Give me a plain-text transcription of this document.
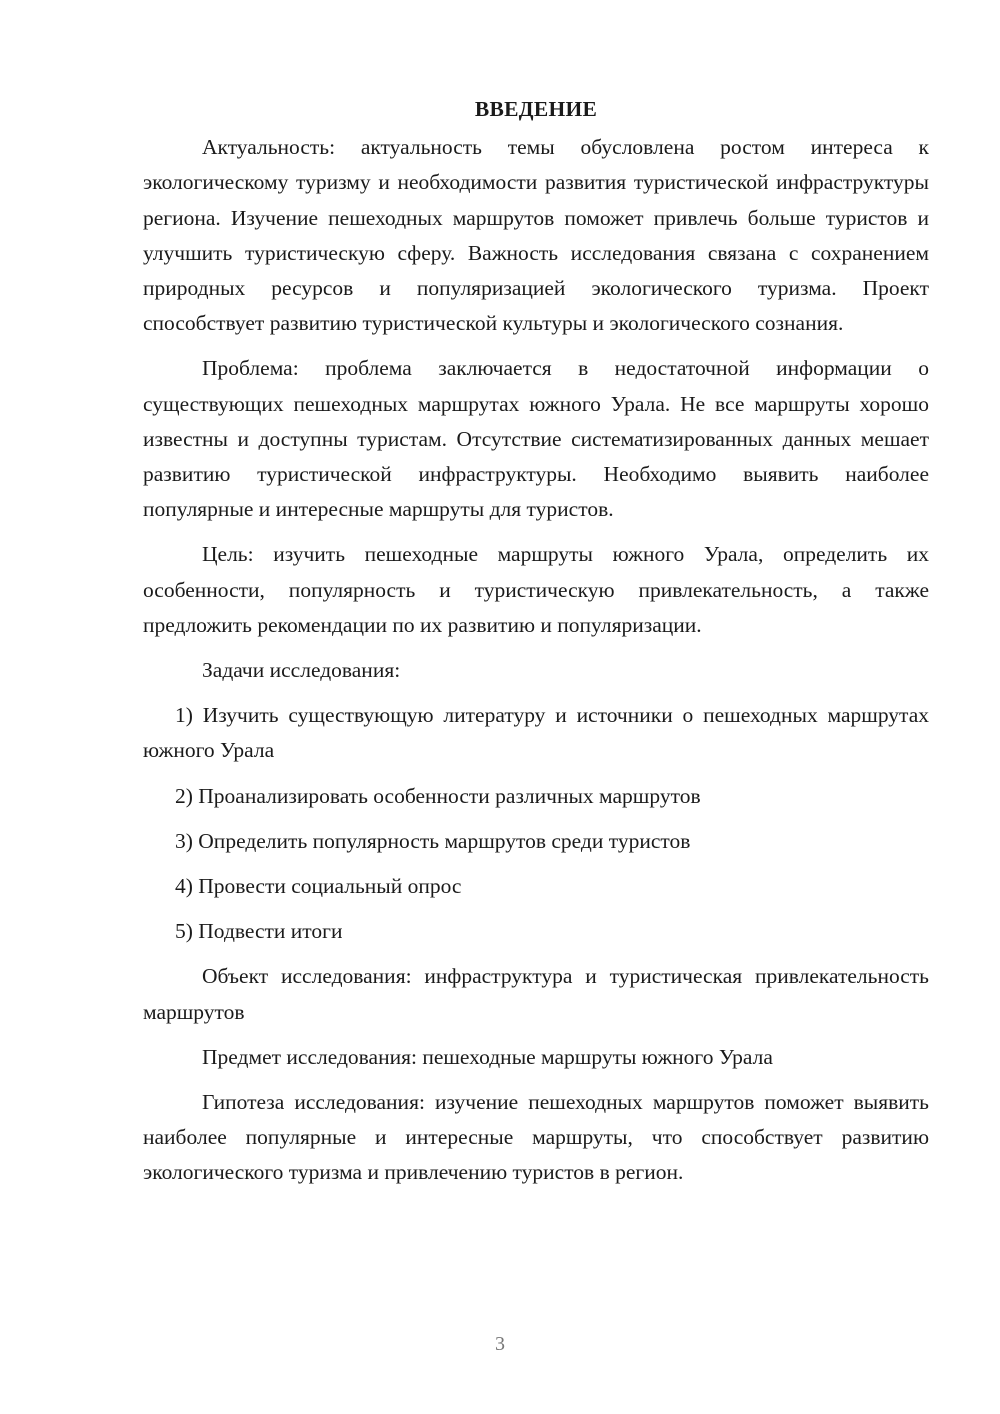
ВВЕДЕНИЕ

Актуальность: актуальность темы обусловлена ростом интереса к экологическому туризму и необходимости развития туристической инфраструктуры региона. Изучение пешеходных маршрутов поможет привлечь больше туристов и улучшить туристическую сферу. Важность исследования связана с сохранением природных ресурсов и популяризацией экологического туризма. Проект способствует развитию туристической культуры и экологического сознания.

Проблема: проблема заключается в недостаточной информации о существующих пешеходных маршрутах южного Урала. Не все маршруты хорошо известны и доступны туристам. Отсутствие систематизированных данных мешает развитию туристической инфраструктуры. Необходимо выявить наиболее популярные и интересные маршруты для туристов.

Цель: изучить пешеходные маршруты южного Урала, определить их особенности, популярность и туристическую привлекательность, а также предложить рекомендации по их развитию и популяризации.

Задачи исследования:

1) Изучить существующую литературу и источники о пешеходных маршрутах южного Урала
2) Проанализировать особенности различных маршрутов
3) Определить популярность маршрутов среди туристов
4) Провести социальный опрос
5) Подвести итоги

Объект исследования: инфраструктура и туристическая привлекательность маршрутов

Предмет исследования: пешеходные маршруты южного Урала

Гипотеза исследования: изучение пешеходных маршрутов поможет выявить наиболее популярные и интересные маршруты, что способствует развитию экологического туризма и привлечению туристов в регион.

3
